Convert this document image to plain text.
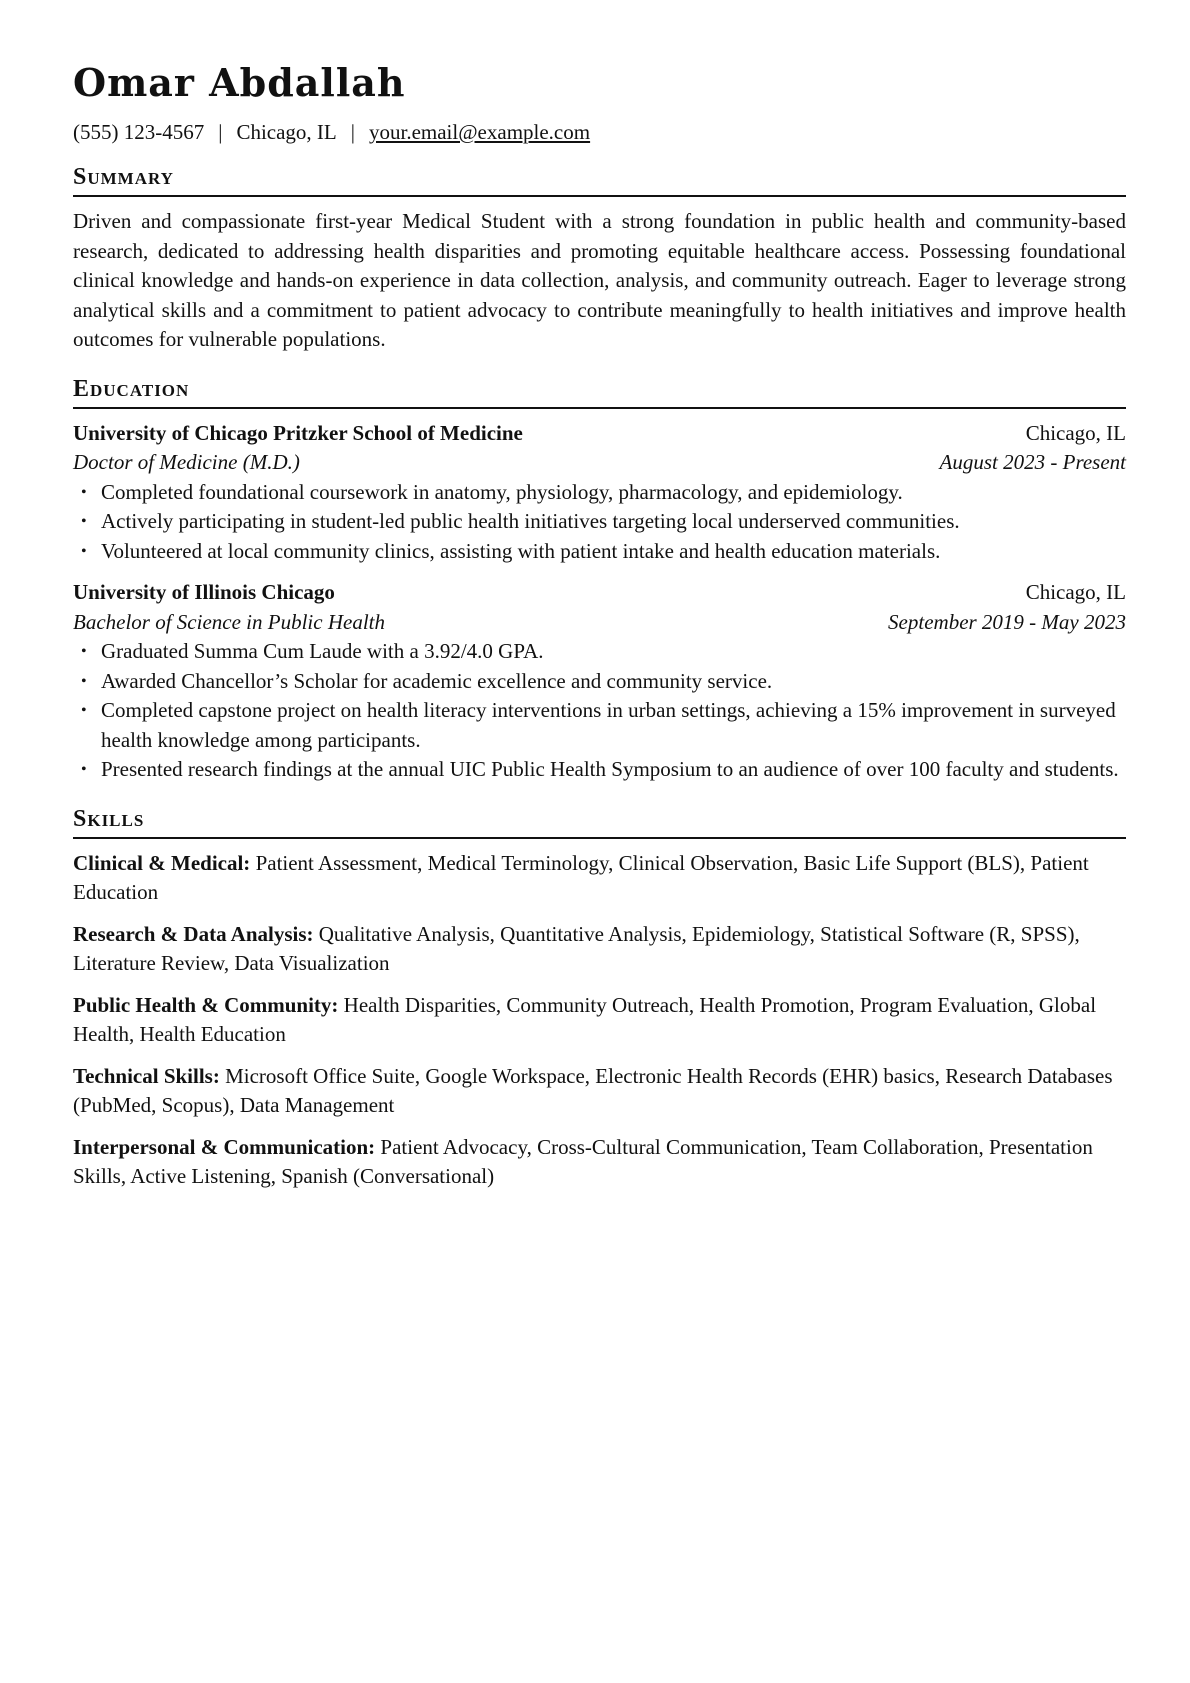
Omar Abdallah
(555) 123-4567 | Chicago, IL | your.email@example.com
Summary

Driven and compassionate first-year Medical Student with a strong foundation in public health and community-based research, dedicated to addressing health disparities and promoting equitable healthcare access. Possessing foundational clinical knowledge and hands-on experience in data collection, analysis, and community outreach. Eager to leverage strong analytical skills and a commitment to patient advocacy to contribute meaningfully to health initiatives and improve health outcomes for vulnerable populations.

Education
University of Chicago Pritzker School of Medicine	Chicago, IL
Doctor of Medicine (M.D.)	August 2023 - Present
• Completed foundational coursework in anatomy, physiology, pharmacology, and epidemiology.
• Actively participating in student-led public health initiatives targeting local underserved communities.
• Volunteered at local community clinics, assisting with patient intake and health education materials.
University of Illinois Chicago	Chicago, IL
Bachelor of Science in Public Health	September 2019 - May 2023
• Graduated Summa Cum Laude with a 3.92/4.0 GPA.
• Awarded Chancellor’s Scholar for academic excellence and community service.
• Completed capstone project on health literacy interventions in urban settings, achieving a 15% improvement in surveyed health knowledge among participants.
• Presented research findings at the annual UIC Public Health Symposium to an audience of over 100 faculty and students.
Skills
Clinical & Medical: Patient Assessment, Medical Terminology, Clinical Observation, Basic Life Support (BLS), Patient Education
Research & Data Analysis: Qualitative Analysis, Quantitative Analysis, Epidemiology, Statistical Software (R, SPSS), Literature Review, Data Visualization
Public Health & Community: Health Disparities, Community Outreach, Health Promotion, Program Evaluation, Global Health, Health Education
Technical Skills: Microsoft Office Suite, Google Workspace, Electronic Health Records (EHR) basics, Research Databases (PubMed, Scopus), Data Management
Interpersonal & Communication: Patient Advocacy, Cross-Cultural Communication, Team Collaboration, Presentation Skills, Active Listening, Spanish (Conversational)
